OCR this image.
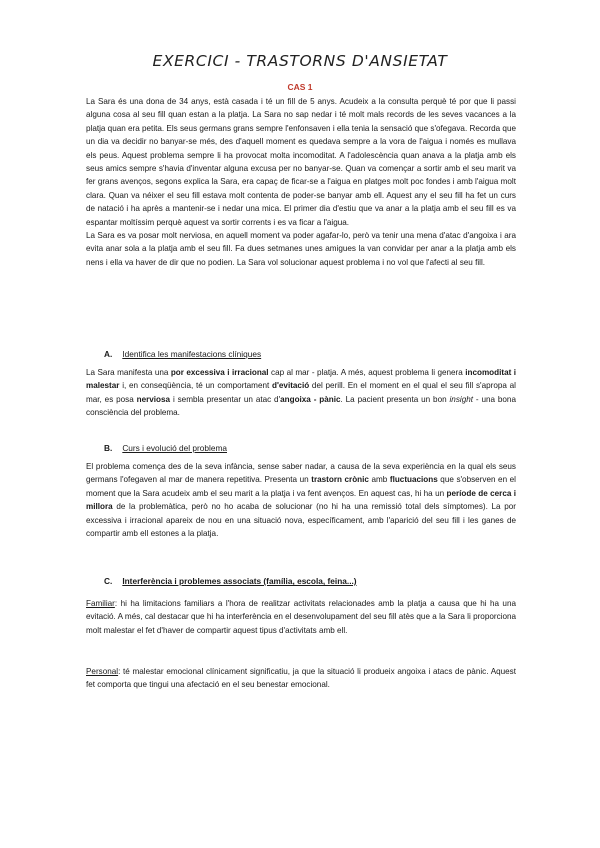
EXERCICI - TRASTORNS D'ANSIETAT
CAS 1

La Sara és una dona de 34 anys, està casada i té un fill de 5 anys. Acudeix a la consulta perquè té por que li passi alguna cosa al seu fill quan estan a la platja. La Sara no sap nedar i té molt mals records de les seves vacances a la platja quan era petita. Els seus germans grans sempre l'enfonsaven i ella tenia la sensació que s'ofegava. Recorda que un dia va decidir no banyar-se més, des d'aquell moment es quedava sempre a la vora de l'aigua i només es mullava els peus. Aquest problema sempre li ha provocat molta incomoditat. A l'adolescència quan anava a la platja amb els seus amics sempre s'havia d'inventar alguna excusa per no banyar-se. Quan va començar a sortir amb el seu marit va fer grans avenços, segons explica la Sara, era capaç de ficar-se a l'aigua en platges molt poc fondes i amb l'aigua molt clara. Quan va néixer el seu fill estava molt contenta de poder-se banyar amb ell. Aquest any el seu fill ha fet un curs de natació i ha après a mantenir-se i nedar una mica. El primer dia d'estiu que va anar a la platja amb el seu fill es va espantar moltíssim perquè aquest va sortir corrents i es va ficar a l'aigua.

La Sara es va posar molt nerviosa, en aquell moment va poder agafar-lo, però va tenir una mena d'atac d'angoixa i ara evita anar sola a la platja amb el seu fill. Fa dues setmanes unes amigues la van convidar per anar a la platja amb els nens i ella va haver de dir que no podien. La Sara vol solucionar aquest problema i no vol que l'afecti al seu fill.

A. Identifica les manifestacions clíniques

La Sara manifesta una por excessiva i irracional cap al mar - platja. A més, aquest problema li genera incomoditat i malestar i, en conseqüència, té un comportament d'evitació del perill. En el moment en el qual el seu fill s'apropa al mar, es posa nerviosa i sembla presentar un atac d'angoixa - pànic. La pacient presenta un bon insight - una bona consciència del problema.

B. Curs i evolució del problema

El problema comença des de la seva infància, sense saber nadar, a causa de la seva experiència en la qual els seus germans l'ofegaven al mar de manera repetitiva. Presenta un trastorn crònic amb fluctuacions que s'observen en el moment que la Sara acudeix amb el seu marit a la platja i va fent avenços. En aquest cas, hi ha un període de cerca i millora de la problemàtica, però no ho acaba de solucionar (no hi ha una remissió total dels símptomes). La por excessiva i irracional apareix de nou en una situació nova, específicament, amb l'aparició del seu fill i les ganes de compartir amb ell estones a la platja.

C. Interferència i problemes associats (família, escola, feina...)

Familiar: hi ha limitacions familiars a l'hora de realitzar activitats relacionades amb la platja a causa que hi ha una evitació. A més, cal destacar que hi ha interferència en el desenvolupament del seu fill atès que a la Sara li proporciona molt malestar el fet d'haver de compartir aquest tipus d'activitats amb ell.

Personal: té malestar emocional clínicament significatiu, ja que la situació li produeix angoixa i atacs de pànic. Aquest fet comporta que tingui una afectació en el seu benestar emocional.
